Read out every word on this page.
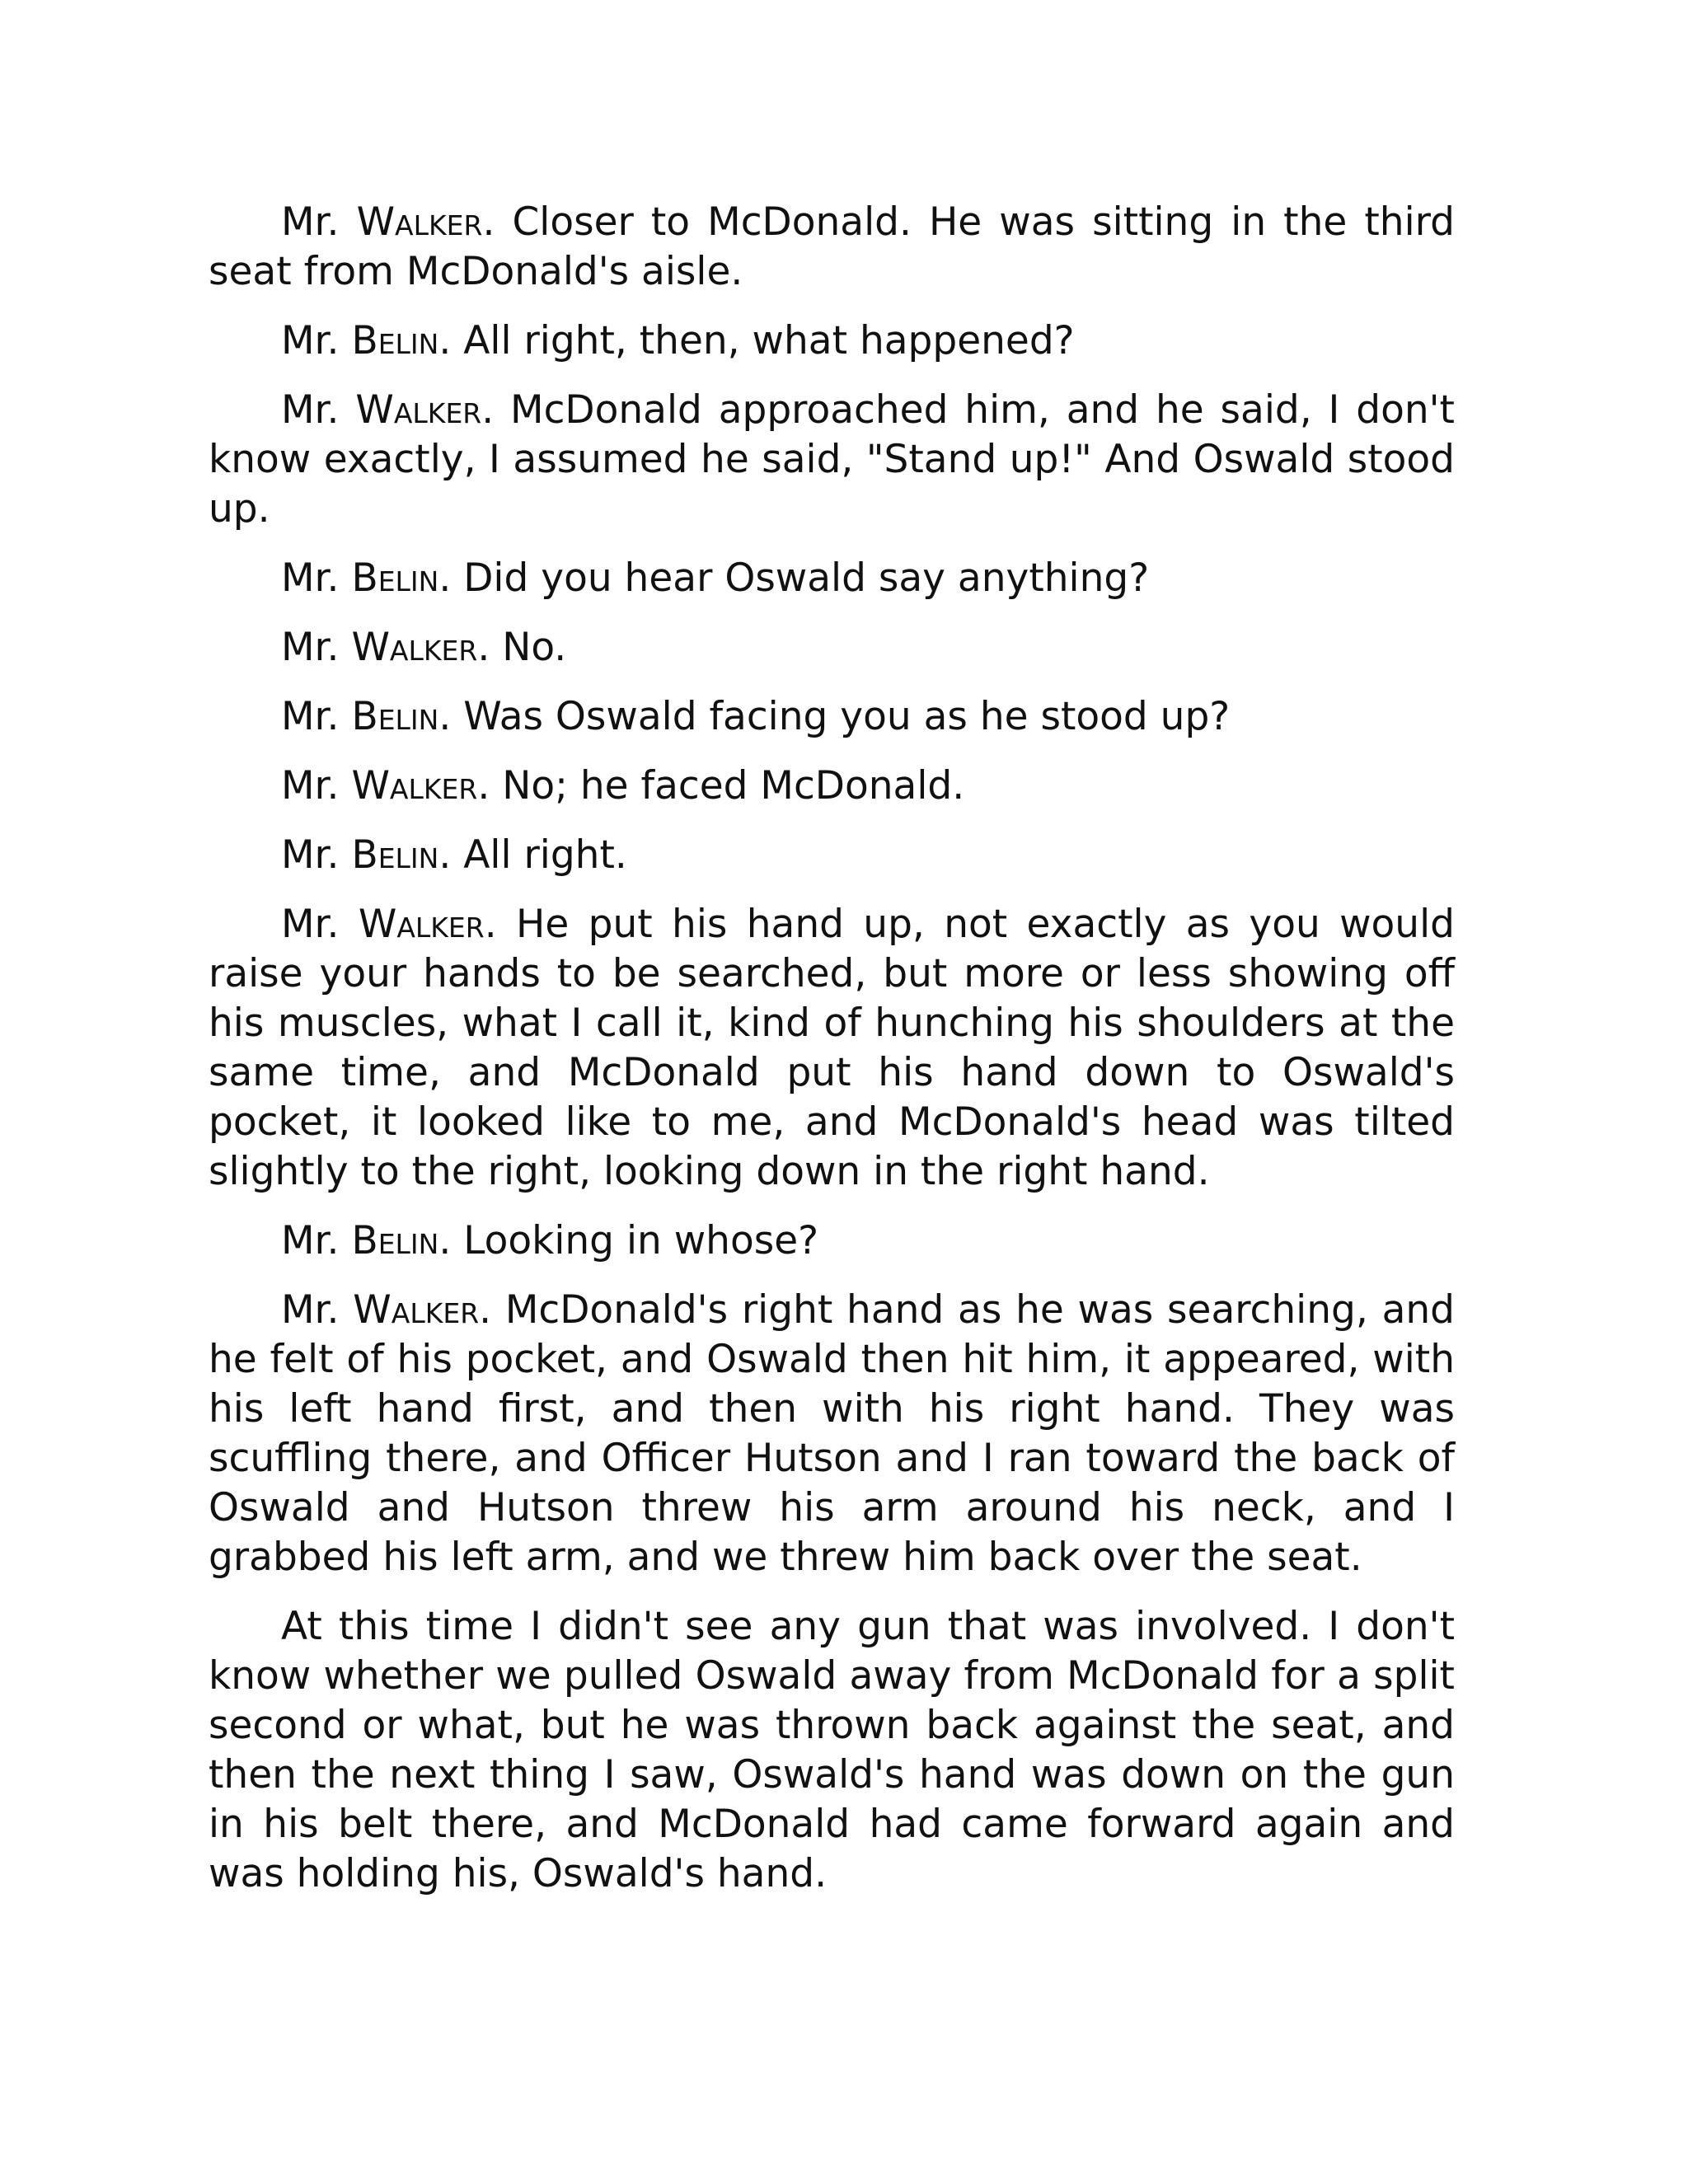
Mr. Walker. Closer to McDonald. He was sitting in the third seat from McDonald's aisle.

Mr. Belin. All right, then, what happened?

Mr. Walker. McDonald approached him, and he said, I don't know exactly, I assumed he said, "Stand up!" And Oswald stood up.

Mr. Belin. Did you hear Oswald say anything?

Mr. Walker. No.

Mr. Belin. Was Oswald facing you as he stood up?

Mr. Walker. No; he faced McDonald.

Mr. Belin. All right.

Mr. Walker. He put his hand up, not exactly as you would raise your hands to be searched, but more or less showing off his muscles, what I call it, kind of hunching his shoulders at the same time, and McDonald put his hand down to Oswald's pocket, it looked like to me, and McDonald's head was tilted slightly to the right, looking down in the right hand.

Mr. Belin. Looking in whose?

Mr. Walker. McDonald's right hand as he was searching, and he felt of his pocket, and Oswald then hit him, it appeared, with his left hand first, and then with his right hand. They was scuffling there, and Officer Hutson and I ran toward the back of Oswald and Hutson threw his arm around his neck, and I grabbed his left arm, and we threw him back over the seat.

At this time I didn't see any gun that was involved. I don't know whether we pulled Oswald away from McDonald for a split second or what, but he was thrown back against the seat, and then the next thing I saw, Oswald's hand was down on the gun in his belt there, and McDonald had came forward again and was holding his, Oswald's hand.
